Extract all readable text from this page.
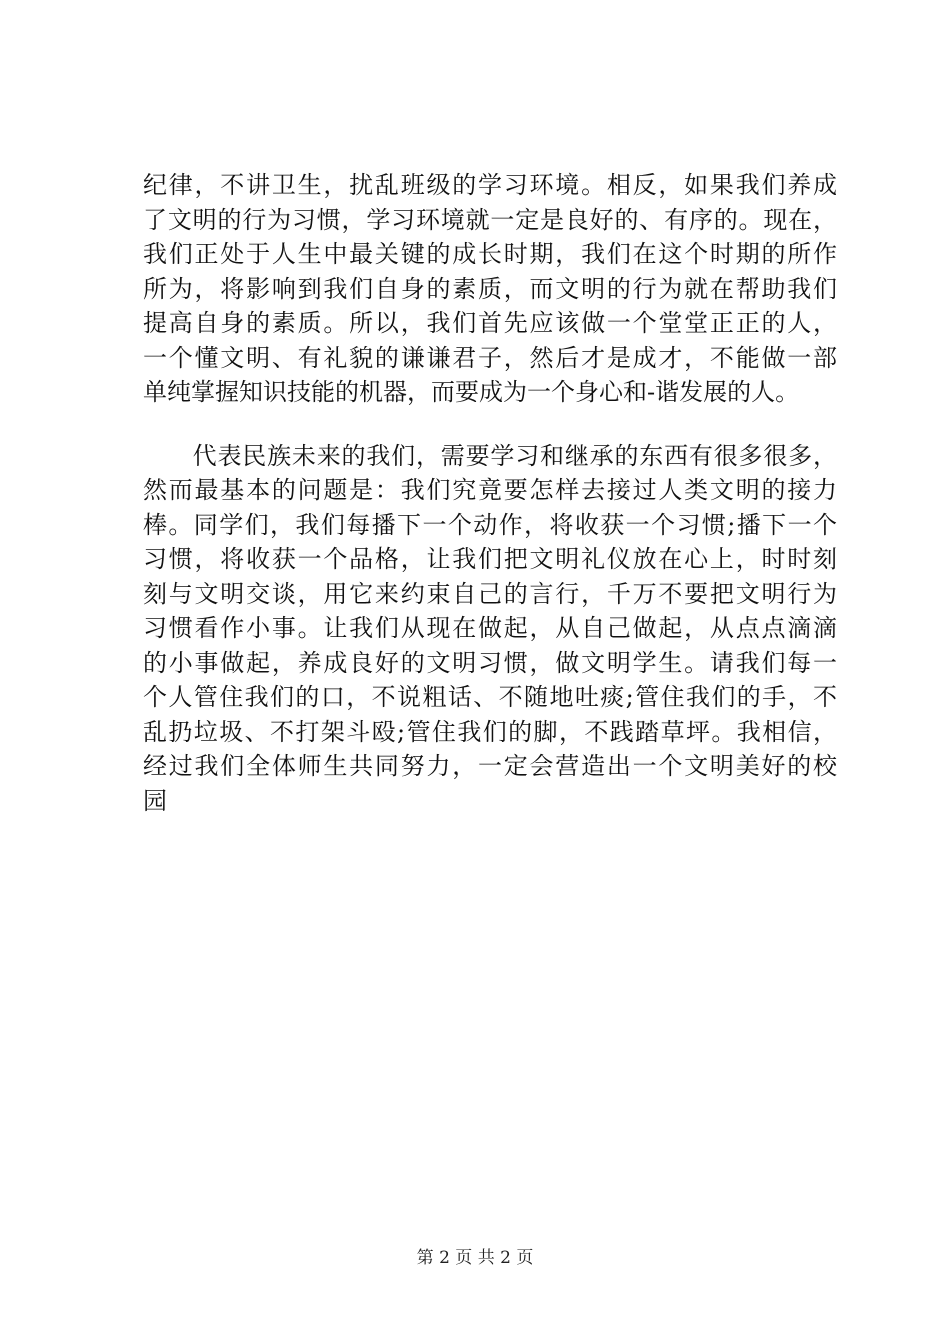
纪律，不讲卫生，扰乱班级的学习环境。相反，如果我们养成
了文明的行为习惯，学习环境就一定是良好的、有序的。现在，
我们正处于人生中最关键的成长时期，我们在这个时期的所作
所为，将影响到我们自身的素质，而文明的行为就在帮助我们
提高自身的素质。所以，我们首先应该做一个堂堂正正的人，
一个懂文明、有礼貌的谦谦君子，然后才是成才，不能做一部
单纯掌握知识技能的机器，而要成为一个身心和-谐发展的人。
　　代表民族未来的我们，需要学习和继承的东西有很多很多，
然而最基本的问题是：我们究竟要怎样去接过人类文明的接力
棒。同学们，我们每播下一个动作，将收获一个习惯;播下一个
习惯，将收获一个品格，让我们把文明礼仪放在心上，时时刻
刻与文明交谈，用它来约束自己的言行，千万不要把文明行为
习惯看作小事。让我们从现在做起，从自己做起，从点点滴滴
的小事做起，养成良好的文明习惯，做文明学生。请我们每一
个人管住我们的口，不说粗话、不随地吐痰;管住我们的手，不
乱扔垃圾、不打架斗殴;管住我们的脚，不践踏草坪。我相信，
经过我们全体师生共同努力，一定会营造出一个文明美好的校
园
第 2 页 共 2 页
